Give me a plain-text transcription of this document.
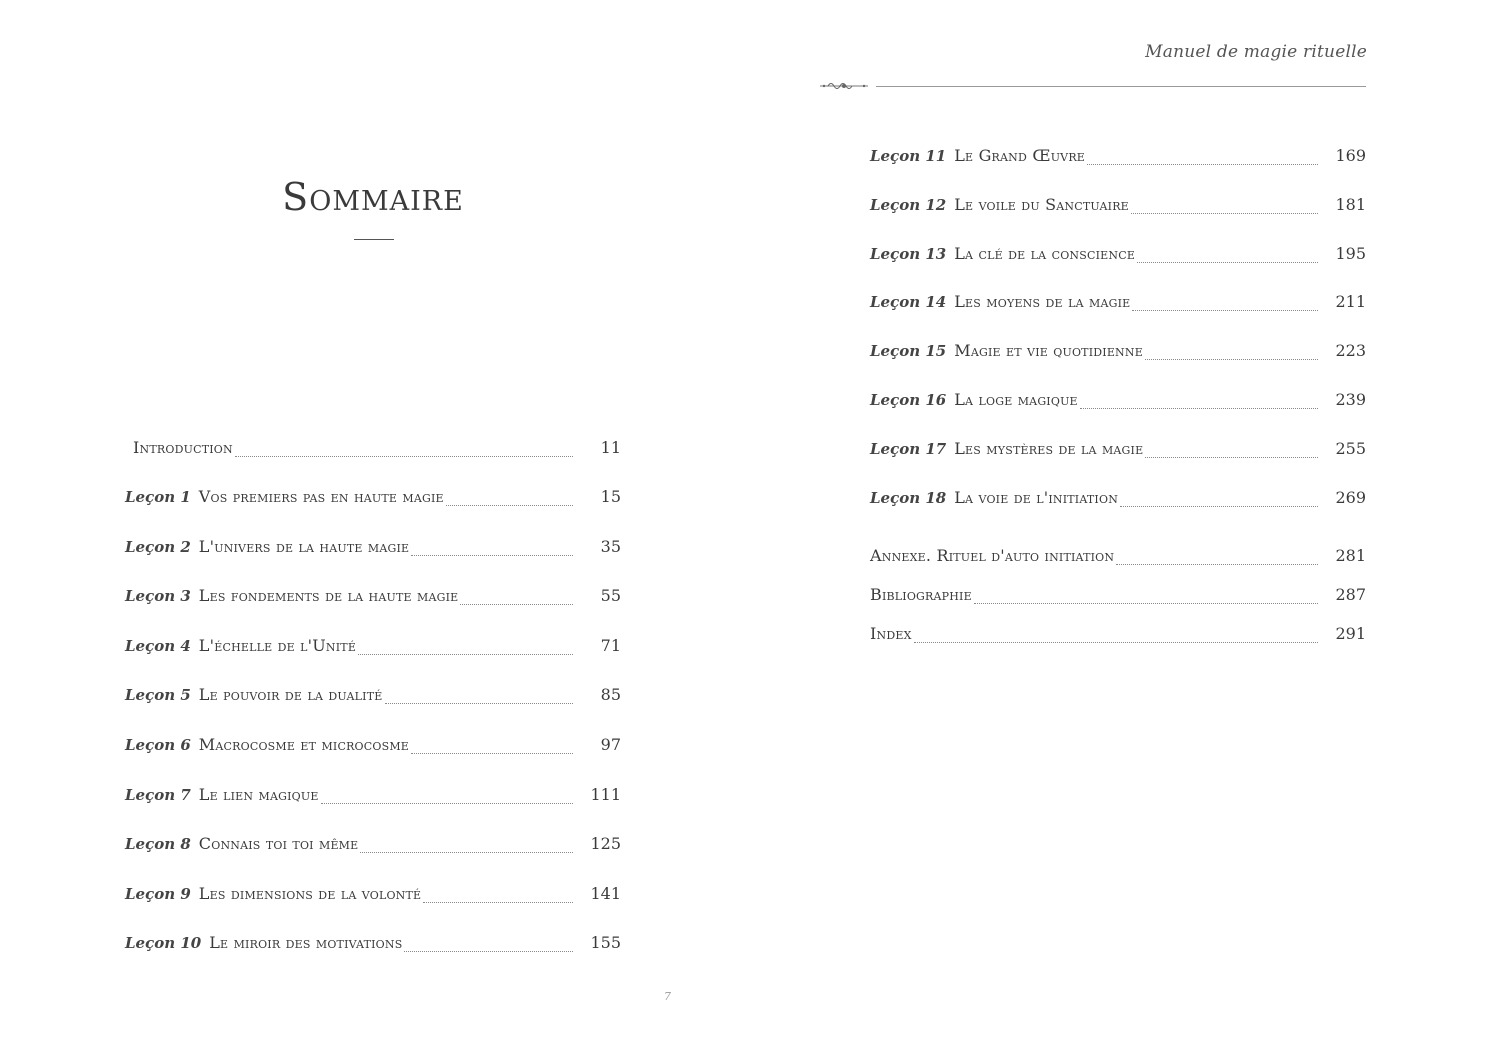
Manuel de magie rituelle
Sommaire
Introduction	11
Leçon 1 Vos premiers pas en haute magie	15
Leçon 2 L'univers de la haute magie	35
Leçon 3 Les fondements de la haute magie	55
Leçon 4 L'échelle de l'Unité	71
Leçon 5 Le pouvoir de la dualité	85
Leçon 6 Macrocosme et microcosme	97
Leçon 7 Le lien magique	111
Leçon 8 Connais toi toi même	125
Leçon 9 Les dimensions de la volonté	141
Leçon 10 Le miroir des motivations	155
Leçon 11 Le Grand Œuvre	169
Leçon 12 Le voile du Sanctuaire	181
Leçon 13 La clé de la conscience	195
Leçon 14 Les moyens de la magie	211
Leçon 15 Magie et vie quotidienne	223
Leçon 16 La loge magique	239
Leçon 17 Les mystères de la magie	255
Leçon 18 La voie de l'initiation	269
Annexe. Rituel d'auto initiation	281
Bibliographie	287
Index	291
7
